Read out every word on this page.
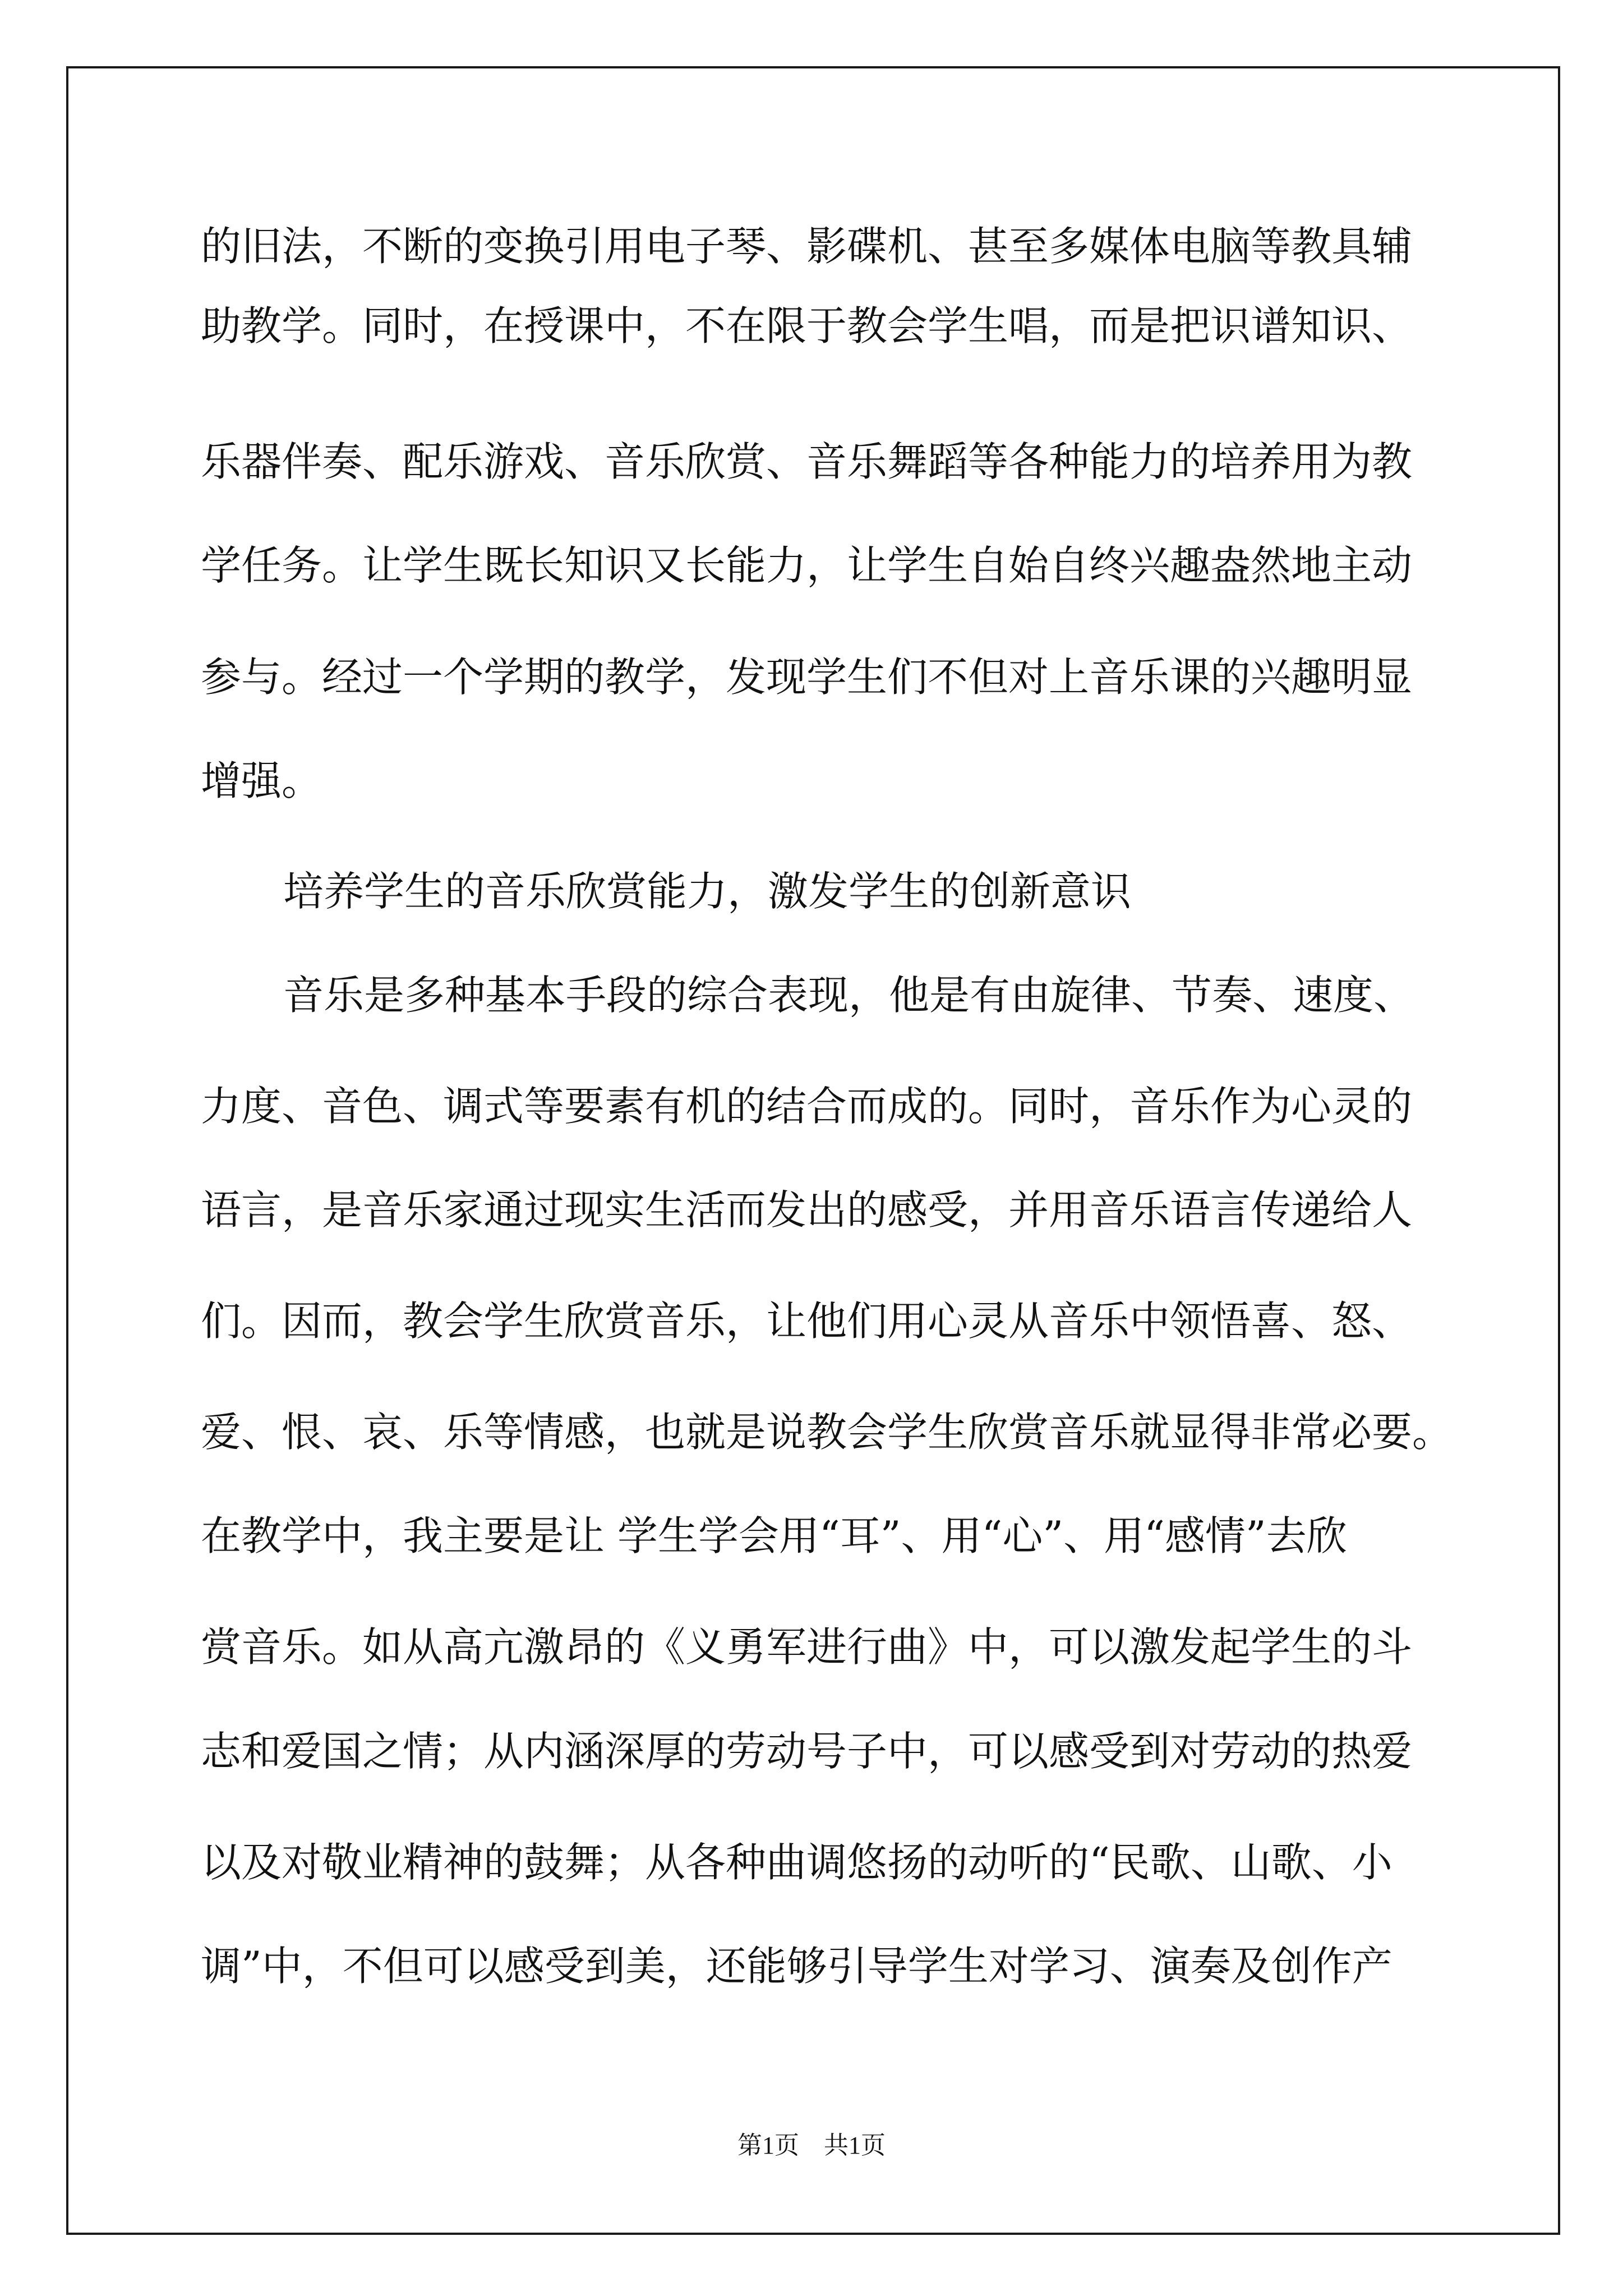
的旧法，不断的变换引用电子琴、影碟机、甚至多媒体电脑等教具辅
助教学。同时，在授课中，不在限于教会学生唱，而是把识谱知识、
乐器伴奏、配乐游戏、音乐欣赏、音乐舞蹈等各种能力的培养用为教
学任务。让学生既长知识又长能力，让学生自始自终兴趣盎然地主动
参与。经过一个学期的教学，发现学生们不但对上音乐课的兴趣明显
增强。
培养学生的音乐欣赏能力，激发学生的创新意识
音乐是多种基本手段的综合表现，他是有由旋律、节奏、速度、
力度、音色、调式等要素有机的结合而成的。同时，音乐作为心灵的
语言，是音乐家通过现实生活而发出的感受，并用音乐语言传递给人
们。因而，教会学生欣赏音乐，让他们用心灵从音乐中领悟喜、怒、
爱、恨、哀、乐等情感，也就是说教会学生欣赏音乐就显得非常必要。
在教学中，我主要是让 学生学会用“耳”、用“心”、用“感情”去欣
赏音乐。如从高亢激昂的《义勇军进行曲》中，可以激发起学生的斗
志和爱国之情；从内涵深厚的劳动号子中，可以感受到对劳动的热爱
以及对敬业精神的鼓舞；从各种曲调悠扬的动听的“民歌、山歌、小
调”中，不但可以感受到美，还能够引导学生对学习、演奏及创作产
第1页　共1页
